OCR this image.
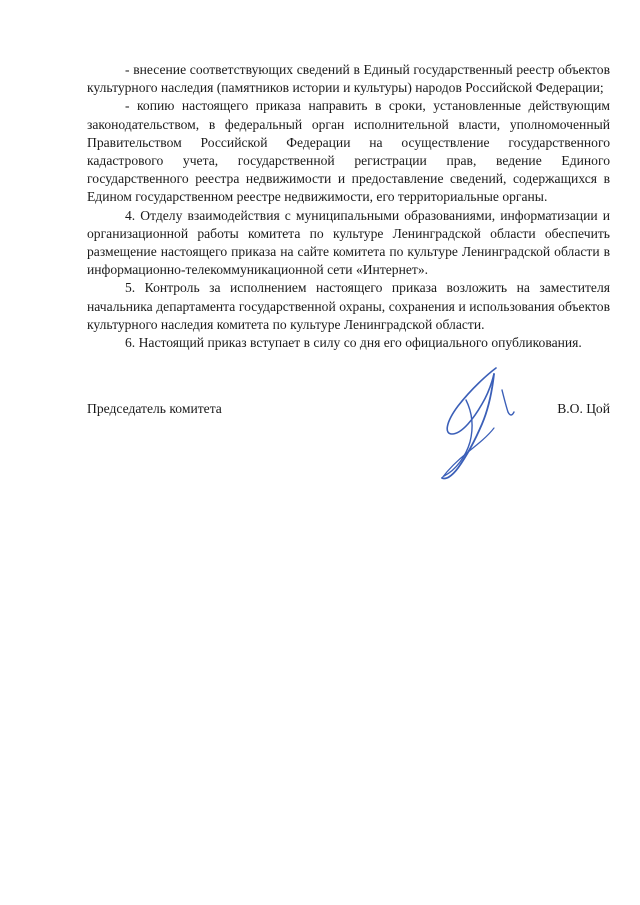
- внесение соответствующих сведений в Единый государственный реестр объектов культурного наследия (памятников истории и культуры) народов Российской Федерации;

- копию настоящего приказа направить в сроки, установленные действующим законодательством, в федеральный орган исполнительной власти, уполномоченный Правительством Российской Федерации на осуществление государственного кадастрового учета, государственной регистрации прав, ведение Единого государственного реестра недвижимости и предоставление сведений, содержащихся в Едином государственном реестре недвижимости, его территориальные органы.

4. Отделу взаимодействия с муниципальными образованиями, информатизации и организационной работы комитета по культуре Ленинградской области обеспечить размещение настоящего приказа на сайте комитета по культуре Ленинградской области в информационно-телекоммуникационной сети «Интернет».

5. Контроль за исполнением настоящего приказа возложить на заместителя начальника департамента государственной охраны, сохранения и использования объектов культурного наследия комитета по культуре Ленинградской области.

6. Настоящий приказ вступает в силу со дня его официального опубликования.

Председатель комитета	В.О. Цой
